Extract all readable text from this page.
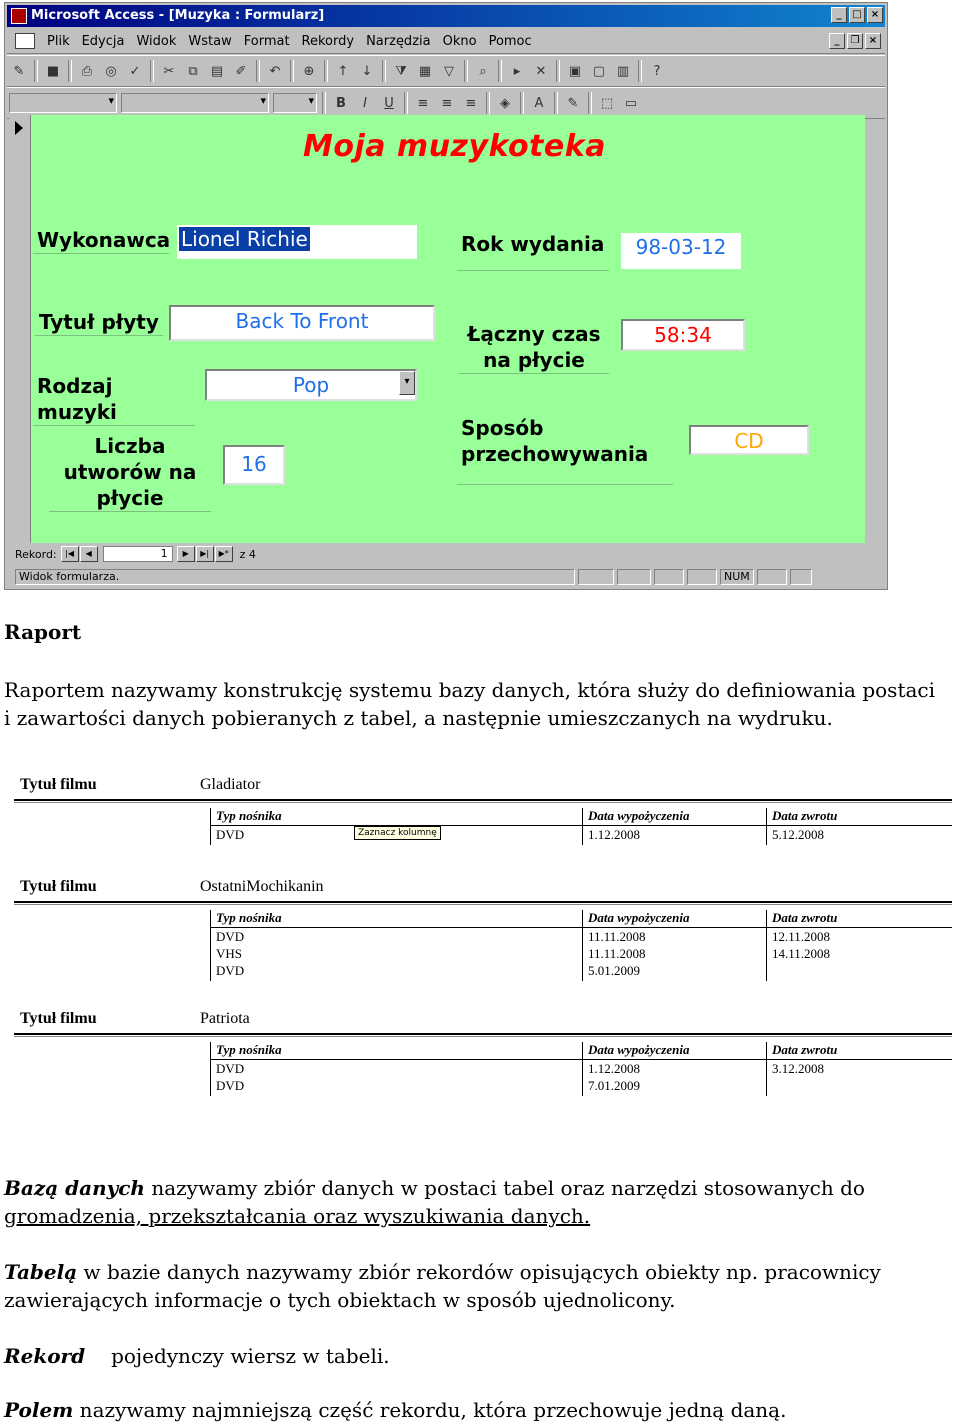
Microsoft Access - [Muzyka : Formularz]	_	□ ×
Plik Edycja Widok Wstaw Format Rekordy Narzędzia Okno Pomoc	_	❐ ×
✎	■	⎙	◎ ✓	✂	⧉	▤ ✐	↶	⊕	↑	↓	⧩ ▦ ▽	⌕	▸	✕	▣ ▢ ▥	?
▾
▾
▾
B	I	U	≡	≡	≡	◈	A	✎	⬚ ▭
Moja muzykoteka
Wykonawca Lionel Richie
Tytuł płyty	Back To Front
Rodzaj muzyki
Pop	▾
Liczba utworów na płycie
16
Rok wydania	98-03-12
Łączny czas na płycie
58:34
Sposób przechowywania
CD
Rekord:	|◀	◀	1	▶	▶|	▶* z 4
Widok formularza.	NUM
Raport
Raportem nazywamy konstrukcję systemu bazy danych, która służy do definiowania postaci i zawartości danych pobieranych z tabel, a następnie umieszczanych na wydruku.
Tytuł filmu	Gladiator
Typ nośnika	Data wypożyczenia	Data zwrotu
DVD	1.12.2008	5.12.2008
Tytuł filmu	OstatniMochikanin
Typ nośnika	Data wypożyczenia	Data zwrotu
DVD	11.11.2008	12.11.2008
VHS	11.11.2008	14.11.2008
DVD	5.01.2009
Tytuł filmu	Patriota
Typ nośnika	Data wypożyczenia	Data zwrotu
DVD	1.12.2008	3.12.2008
DVD	7.01.2009
Zaznacz kolumnę
Bazą danych nazywamy zbiór danych w postaci tabel oraz narzędzi stosowanych do gromadzenia, przekształcania oraz wyszukiwania danych.
Tabelą w bazie danych nazywamy zbiór rekordów opisujących obiekty np. pracownicy zawierających informacje o tych obiektach w sposób ujednolicony.
Rekord pojedynczy wiersz w tabeli.
Polem nazywamy najmniejszą część rekordu, która przechowuje jedną daną.
